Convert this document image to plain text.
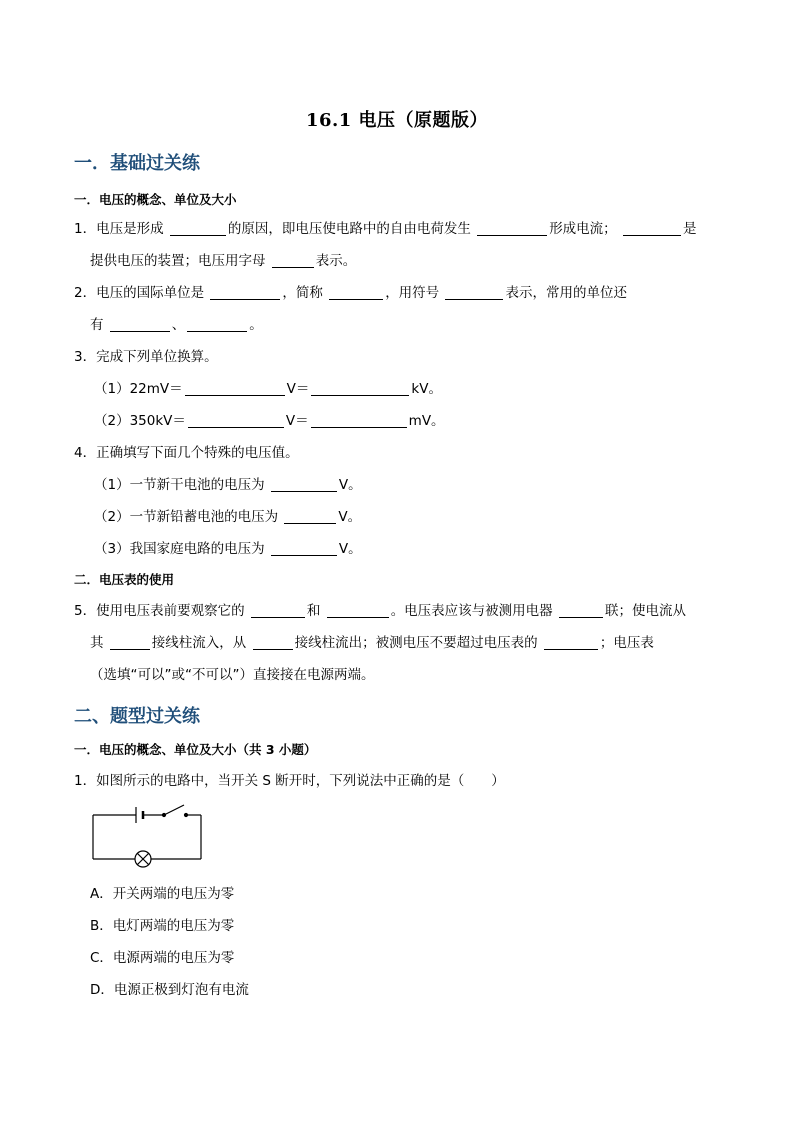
16.1 电压（原题版）
一．基础过关练
一．电压的概念、单位及大小
1．电压是形成	的原因，即电压使电路中的自由电荷发生	形成电流；	是
提供电压的装置；电压用字母	表示。
2．电压的国际单位是	，简称	，用符号	表示，常用的单位还
有	、	。
3．完成下列单位换算。
（1）22mV＝	V＝	kV。
（2）350kV＝	V＝	mV。
4．正确填写下面几个特殊的电压值。
（1）一节新干电池的电压为	V。
（2）一节新铅蓄电池的电压为	V。
（3）我国家庭电路的电压为	V。
二．电压表的使用
5．使用电压表前要观察它的	和	。电压表应该与被测用电器	联；使电流从
其	接线柱流入，从	接线柱流出；被测电压不要超过电压表的	；电压表
（选填“可以”或“不可以”）直接接在电源两端。
二、题型过关练
一．电压的概念、单位及大小（共 3 小题）
1．如图所示的电路中，当开关 S 断开时，下列说法中正确的是（　　）
A．开关两端的电压为零
B．电灯两端的电压为零
C．电源两端的电压为零
D．电源正极到灯泡有电流
